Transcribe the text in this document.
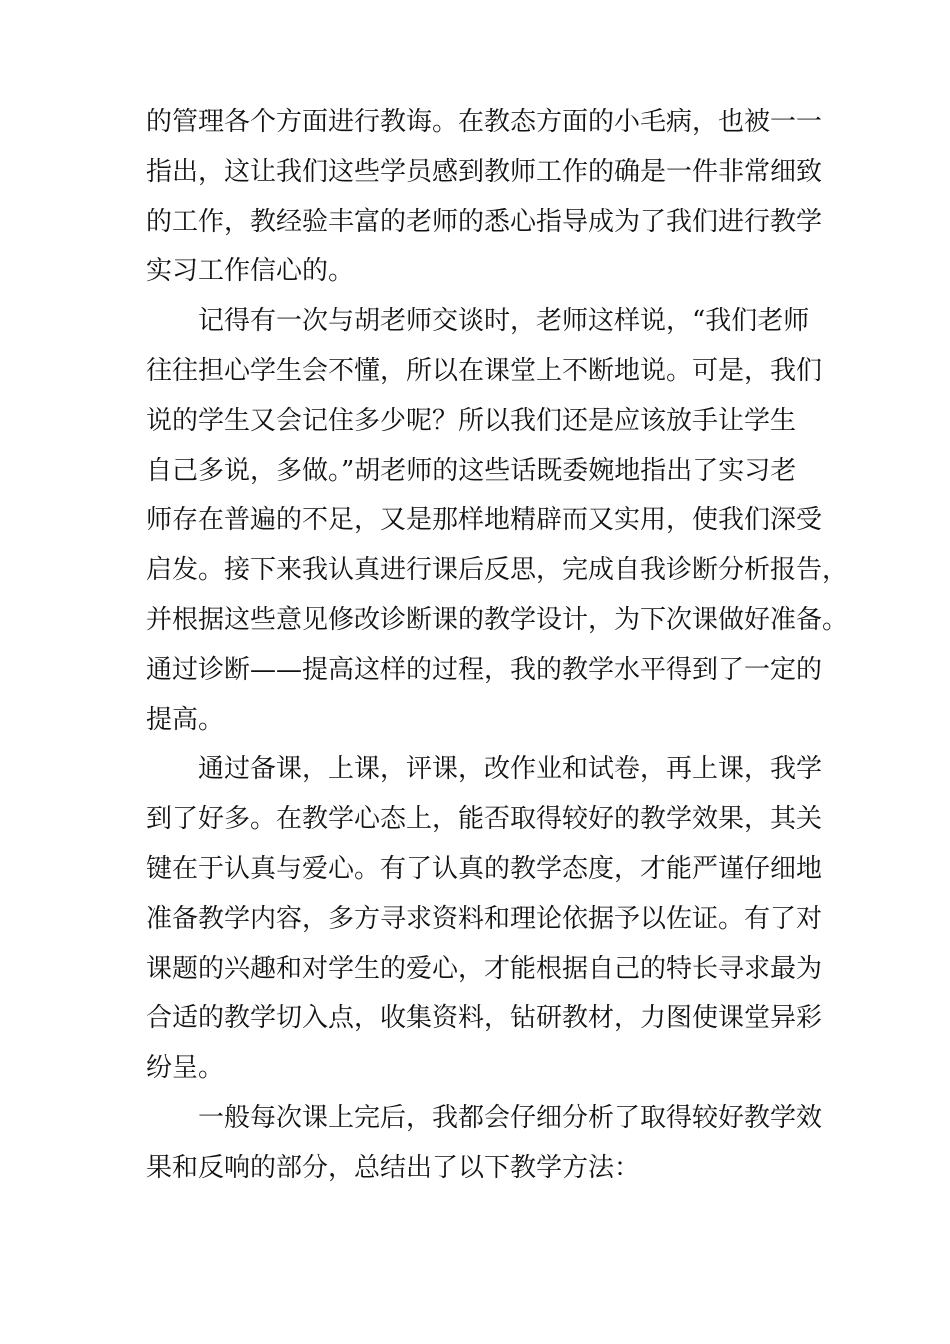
的管理各个方面进行教诲。在教态方面的小毛病，也被一一
指出，这让我们这些学员感到教师工作的确是一件非常细致
的工作，教经验丰富的老师的悉心指导成为了我们进行教学
实习工作信心的。
记得有一次与胡老师交谈时，老师这样说，“我们老师
往往担心学生会不懂，所以在课堂上不断地说。可是，我们
说的学生又会记住多少呢？所以我们还是应该放手让学生
自己多说，多做。”胡老师的这些话既委婉地指出了实习老
师存在普遍的不足，又是那样地精辟而又实用，使我们深受
启发。接下来我认真进行课后反思，完成自我诊断分析报告，
并根据这些意见修改诊断课的教学设计，为下次课做好准备。
通过诊断——提高这样的过程，我的教学水平得到了一定的
提高。
通过备课，上课，评课，改作业和试卷，再上课，我学
到了好多。在教学心态上，能否取得较好的教学效果，其关
键在于认真与爱心。有了认真的教学态度，才能严谨仔细地
准备教学内容，多方寻求资料和理论依据予以佐证。有了对
课题的兴趣和对学生的爱心，才能根据自己的特长寻求最为
合适的教学切入点，收集资料，钻研教材，力图使课堂异彩
纷呈。
一般每次课上完后，我都会仔细分析了取得较好教学效
果和反响的部分，总结出了以下教学方法：
